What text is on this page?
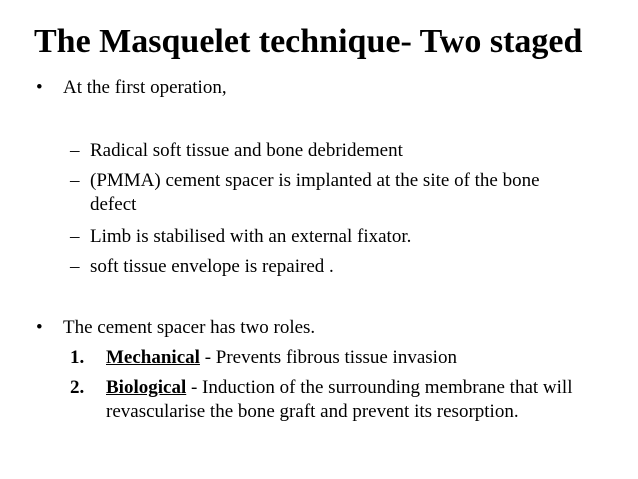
The Masquelet technique- Two staged
• At the first operation,
– Radical soft tissue and bone debridement
– (PMMA) cement spacer is implanted at the site of the bone
defect
– Limb is stabilised with an external fixator.
– soft tissue envelope is repaired .
• The cement spacer has two roles.
1. Mechanical - Prevents fibrous tissue invasion
2. Biological - Induction of the surrounding membrane that will
revascularise the bone graft and prevent its resorption.
